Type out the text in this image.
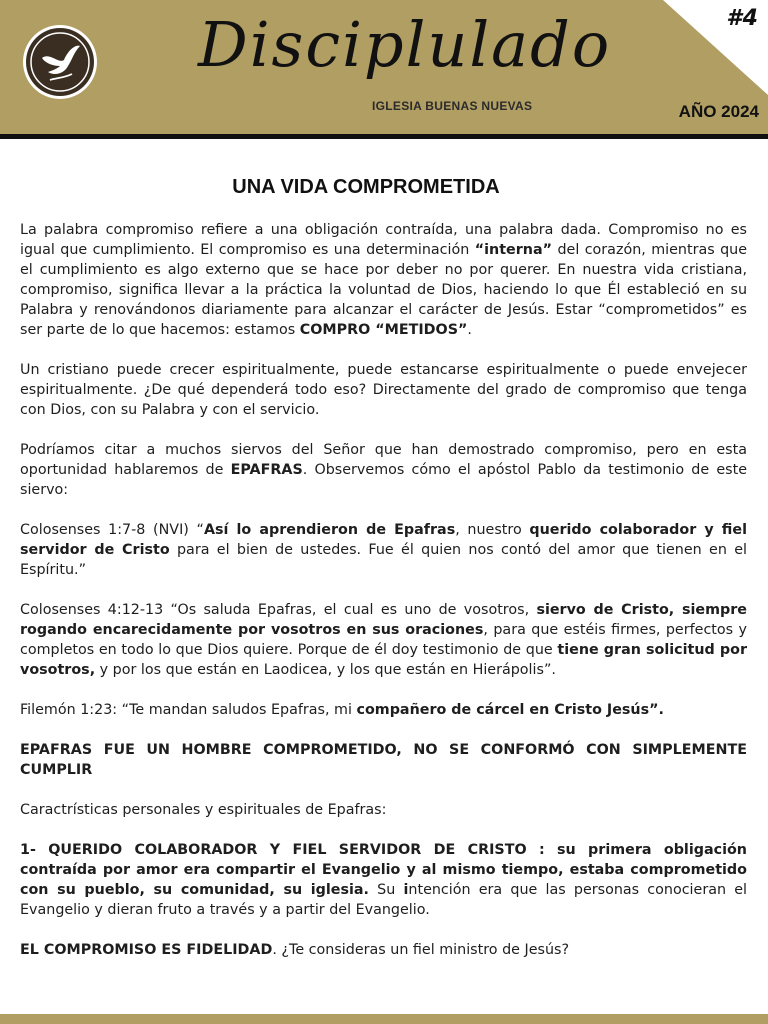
Disciplulado
IGLESIA BUENAS NUEVAS
#4
AÑO 2024
UNA VIDA COMPROMETIDA

La palabra compromiso refiere a una obligación contraída, una palabra dada. Compromiso no es igual que cumplimiento. El compromiso es una determinación “interna” del corazón, mientras que el cumplimiento es algo externo que se hace por deber no por querer. En nuestra vida cristiana, compromiso, significa llevar a la práctica la voluntad de Dios, haciendo lo que Él estableció en su Palabra y renovándonos diariamente para alcanzar el carácter de Jesús. Estar “comprometidos” es ser parte de lo que hacemos: estamos COMPRO “METIDOS”.

Un cristiano puede crecer espiritualmente, puede estancarse espiritualmente o puede envejecer espiritualmente. ¿De qué dependerá todo eso? Directamente del grado de compromiso que tenga con Dios, con su Palabra y con el servicio.

Podríamos citar a muchos siervos del Señor que han demostrado compromiso, pero en esta oportunidad hablaremos de EPAFRAS. Observemos cómo el apóstol Pablo da testimonio de este siervo:

Colosenses 1:7-8 (NVI) “Así lo aprendieron de Epafras, nuestro querido colaborador y fiel servidor de Cristo para el bien de ustedes. Fue él quien nos contó del amor que tienen en el Espíritu.”

Colosenses 4:12-13 “Os saluda Epafras, el cual es uno de vosotros, siervo de Cristo, siempre rogando encarecidamente por vosotros en sus oraciones, para que estéis firmes, perfectos y completos en todo lo que Dios quiere. Porque de él doy testimonio de que tiene gran solicitud por vosotros, y por los que están en Laodicea, y los que están en Hierápolis”.

Filemón 1:23: “Te mandan saludos Epafras, mi compañero de cárcel en Cristo Jesús”.

EPAFRAS FUE UN HOMBRE COMPROMETIDO, NO SE CONFORMÓ CON SIMPLEMENTE CUMPLIR

Caractrísticas personales y espirituales de Epafras:

1- QUERIDO COLABORADOR Y FIEL SERVIDOR DE CRISTO : su primera obligación contraída por amor era compartir el Evangelio y al mismo tiempo, estaba comprometido con su pueblo, su comunidad, su iglesia. Su intención era que las personas conocieran el Evangelio y dieran fruto a través y a partir del Evangelio.

EL COMPROMISO ES FIDELIDAD. ¿Te consideras un fiel ministro de Jesús?
